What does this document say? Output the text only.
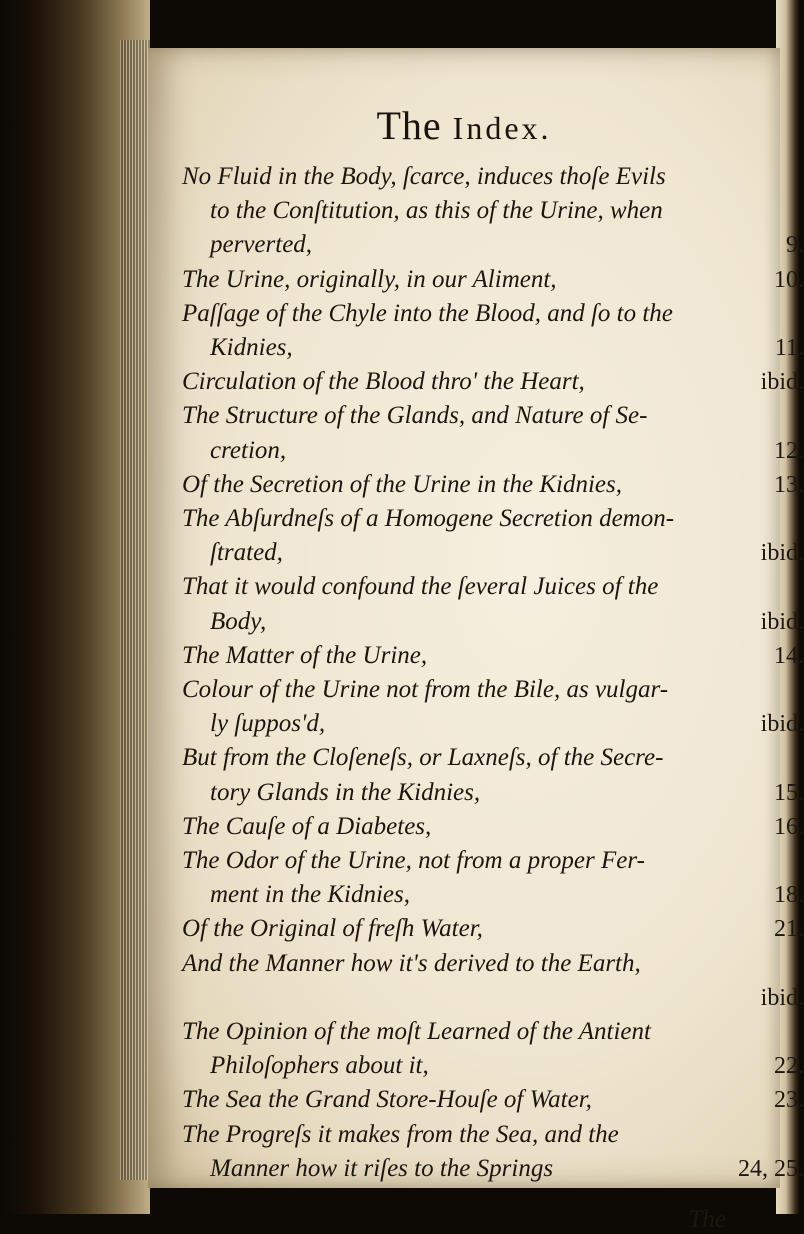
The Index.
No Fluid in the Body, ſcarce, induces thoſe Evils
to the Conſtitution, as this of the Urine, when
perverted,	9.
The Urine, originally, in our Aliment,	10.
Paſſage of the Chyle into the Blood, and ſo to the
Kidnies,	11.
Circulation of the Blood thro' the Heart,	ibid.
The Structure of the Glands, and Nature of Se-
cretion,	12.
Of the Secretion of the Urine in the Kidnies,	13.
The Abſurdneſs of a Homogene Secretion demon-
ſtrated,	ibid.
That it would confound the ſeveral Juices of the
Body,	ibid.
The Matter of the Urine,	14.
Colour of the Urine not from the Bile, as vulgar-
ly ſuppos'd,	ibid.
But from the Cloſeneſs, or Laxneſs, of the Secre-
tory Glands in the Kidnies,	15.
The Cauſe of a Diabetes,	16.
The Odor of the Urine, not from a proper Fer-
ment in the Kidnies,	18.
Of the Original of freſh Water,	21.
And the Manner how it's derived to the Earth,
ibid.
The Opinion of the moſt Learned of the Antient
Philoſophers about it,	22.
The Sea the Grand Store-Houſe of Water,	23.
The Progreſs it makes from the Sea, and the
Manner how it riſes to the Springs	24, 25.
The
